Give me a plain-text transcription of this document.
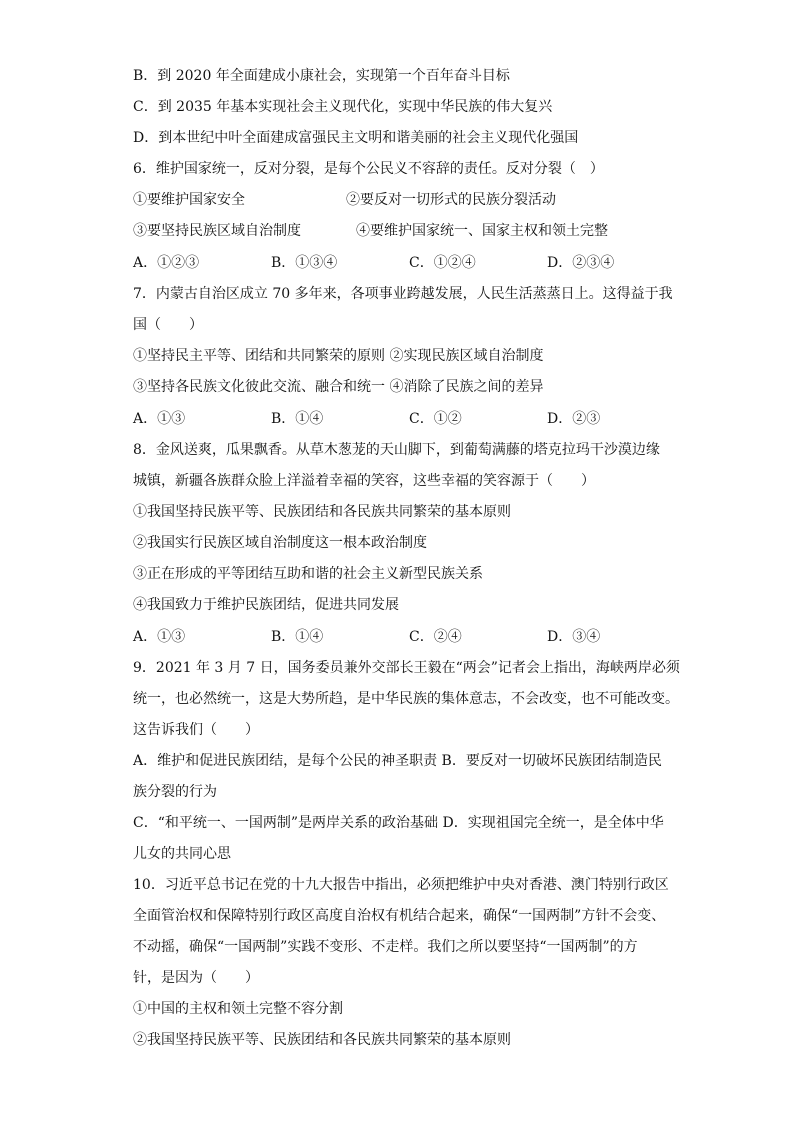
B．到 2020 年全面建成小康社会，实现第一个百年奋斗目标
C．到 2035 年基本实现社会主义现代化，实现中华民族的伟大复兴
D．到本世纪中叶全面建成富强民主文明和谐美丽的社会主义现代化强国
6．维护国家统一，反对分裂，是每个公民义不容辞的责任。反对分裂（　）
①要维护国家安全	②要反对一切形式的民族分裂活动
③要坚持民族区域自治制度	④要维护国家统一、国家主权和领土完整
A．①②③	B．①③④	C．①②④	D．②③④
7．内蒙古自治区成立 70 多年来，各项事业跨越发展，人民生活蒸蒸日上。这得益于我
国（　　）
①坚持民主平等、团结和共同繁荣的原则 ②实现民族区域自治制度
③坚持各民族文化彼此交流、融合和统一 ④消除了民族之间的差异
A．①③	B．①④	C．①②	D．②③
8．金风送爽，瓜果飘香。从草木葱茏的天山脚下，到葡萄满藤的塔克拉玛干沙漠边缘
城镇，新疆各族群众脸上洋溢着幸福的笑容，这些幸福的笑容源于（　　）
①我国坚持民族平等、民族团结和各民族共同繁荣的基本原则
②我国实行民族区域自治制度这一根本政治制度
③正在形成的平等团结互助和谐的社会主义新型民族关系
④我国致力于维护民族团结，促进共同发展
A．①③	B．①④	C．②④	D．③④
9．2021 年 3 月 7 日，国务委员兼外交部长王毅在“两会”记者会上指出，海峡两岸必须
统一，也必然统一，这是大势所趋，是中华民族的集体意志，不会改变，也不可能改变。
这告诉我们（　　）
A．维护和促进民族团结，是每个公民的神圣职责 B．要反对一切破坏民族团结制造民
族分裂的行为
C．“和平统一、一国两制”是两岸关系的政治基础 D．实现祖国完全统一，是全体中华
儿女的共同心思
10．习近平总书记在党的十九大报告中指出，必须把维护中央对香港、澳门特别行政区
全面管治权和保障特别行政区高度自治权有机结合起来，确保“一国两制”方针不会变、
不动摇，确保“一国两制”实践不变形、不走样。我们之所以要坚持“一国两制”的方
针，是因为（　　）
①中国的主权和领土完整不容分割
②我国坚持民族平等、民族团结和各民族共同繁荣的基本原则
